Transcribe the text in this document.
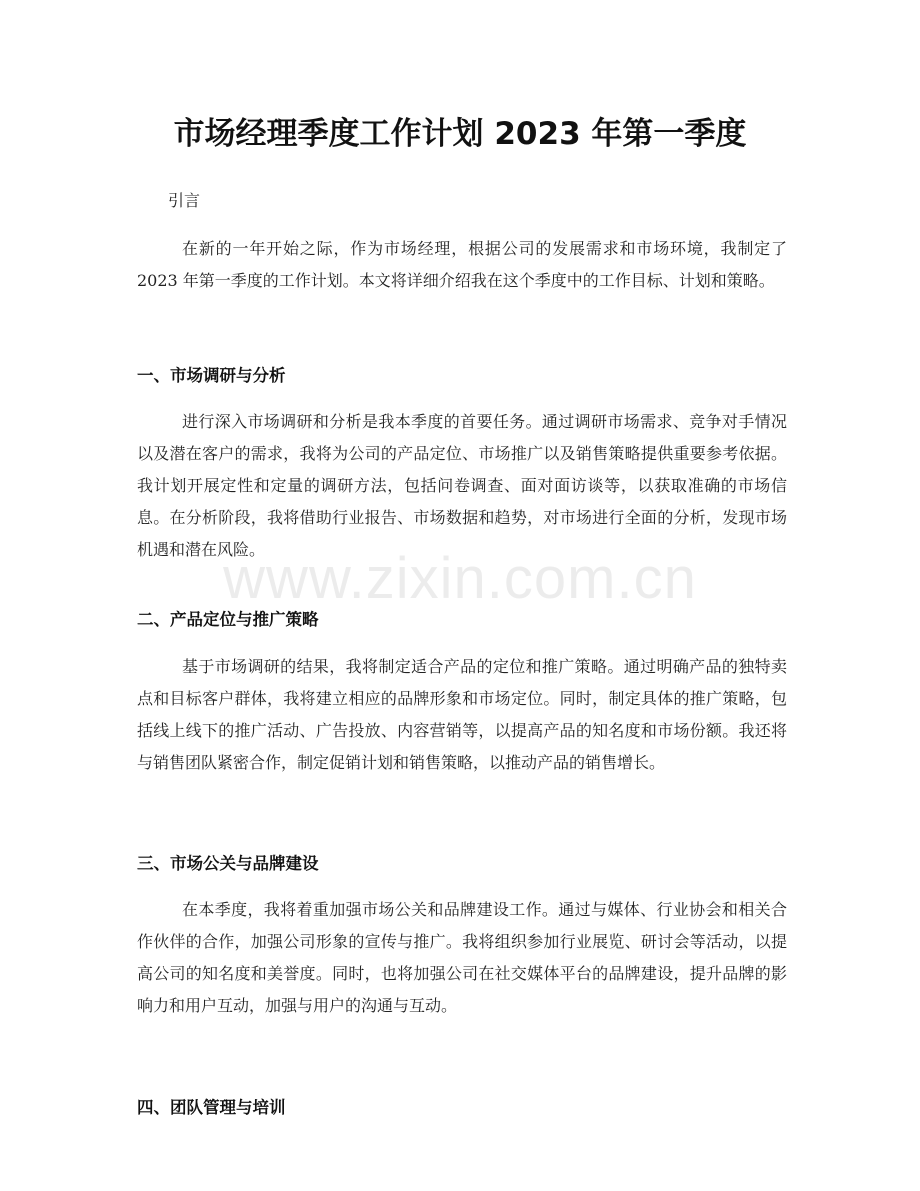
市场经理季度工作计划 2023 年第一季度
引言

在新的一年开始之际，作为市场经理，根据公司的发展需求和市场环境，我制定了 2023 年第一季度的工作计划。本文将详细介绍我在这个季度中的工作目标、计划和策略。

一、市场调研与分析

进行深入市场调研和分析是我本季度的首要任务。通过调研市场需求、竞争对手情况以及潜在客户的需求，我将为公司的产品定位、市场推广以及销售策略提供重要参考依据。我计划开展定性和定量的调研方法，包括问卷调查、面对面访谈等，以获取准确的市场信息。在分析阶段，我将借助行业报告、市场数据和趋势，对市场进行全面的分析，发现市场机遇和潜在风险。

二、产品定位与推广策略

基于市场调研的结果，我将制定适合产品的定位和推广策略。通过明确产品的独特卖点和目标客户群体，我将建立相应的品牌形象和市场定位。同时，制定具体的推广策略，包括线上线下的推广活动、广告投放、内容营销等，以提高产品的知名度和市场份额。我还将与销售团队紧密合作，制定促销计划和销售策略，以推动产品的销售增长。

三、市场公关与品牌建设

在本季度，我将着重加强市场公关和品牌建设工作。通过与媒体、行业协会和相关合作伙伴的合作，加强公司形象的宣传与推广。我将组织参加行业展览、研讨会等活动，以提高公司的知名度和美誉度。同时，也将加强公司在社交媒体平台的品牌建设，提升品牌的影响力和用户互动，加强与用户的沟通与互动。

四、团队管理与培训
www.zixin.com.cn
